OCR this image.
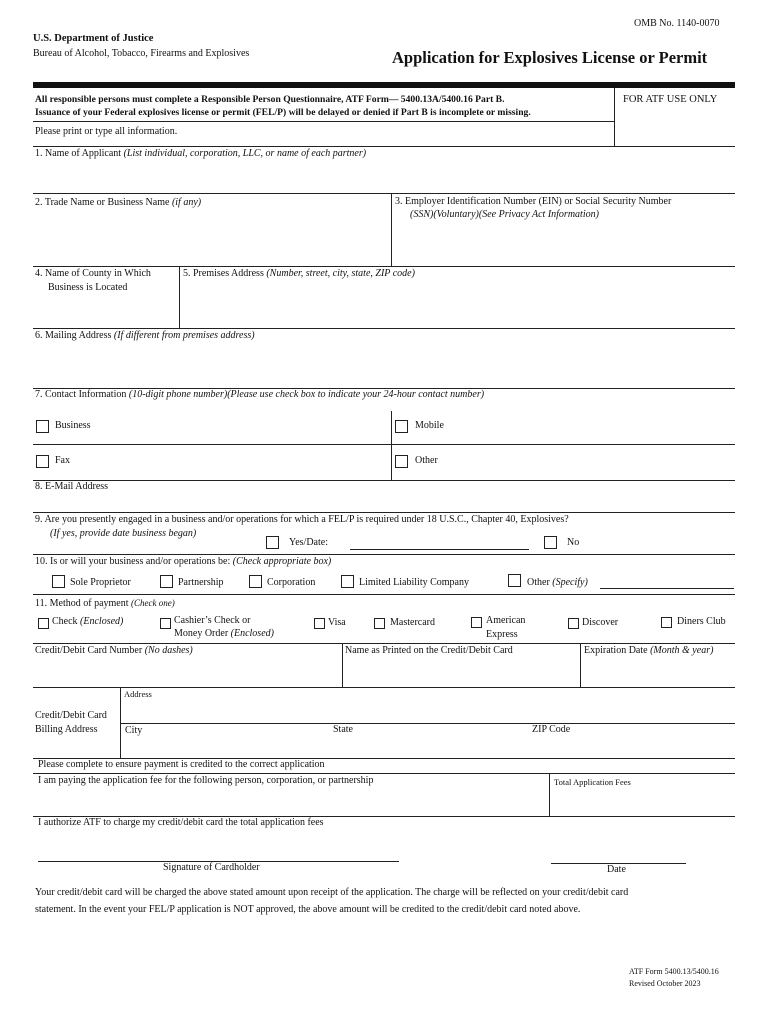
OMB No. 1140-0070
U.S. Department of Justice
Bureau of Alcohol, Tobacco, Firearms and Explosives	Application for Explosives License or Permit
All responsible persons must complete a Responsible Person Questionnaire, ATF Form— 5400.13A/5400.16 Part B.
Issuance of your Federal explosives license or permit (FEL/P) will be delayed or denied if Part B is incomplete or missing.
Please print or type all information.
FOR ATF USE ONLY
1. Name of Applicant (List individual, corporation, LLC, or name of each partner)
2. Trade Name or Business Name (if any)	3. Employer Identification Number (EIN) or Social Security Number
(SSN)(Voluntary)(See Privacy Act Information)
4. Name of County in Which
Business is Located
5. Premises Address (Number, street, city, state, ZIP code)
6. Mailing Address (If different from premises address)
7. Contact Information (10-digit phone number)(Please use check box to indicate your 24-hour contact number)
Business	Mobile
Fax	Other
8. E-Mail Address
9. Are you presently engaged in a business and/or operations for which a FEL/P is required under 18 U.S.C., Chapter 40, Explosives?
(If yes, provide date business began)
Yes/Date:	No
10. Is or will your business and/or operations be: (Check appropriate box)
Sole Proprietor	Partnership	Corporation	Limited Liability Company	Other (Specify)
11. Method of payment (Check one)
Check (Enclosed)	Cashier’s Check or
Money Order (Enclosed)
Visa	Mastercard	American
Express
Discover	Diners Club
Credit/Debit Card Number (No dashes)	Name as Printed on the Credit/Debit Card	Expiration Date (Month & year)
Address
Credit/Debit Card
Billing Address	City	State	ZIP Code
Please complete to ensure payment is credited to the correct application
I am paying the application fee for the following person, corporation, or partnership	Total Application Fees
I authorize ATF to charge my credit/debit card the total application fees
Signature of Cardholder	Date
Your credit/debit card will be charged the above stated amount upon receipt of the application. The charge will be reflected on your credit/debit card
statement. In the event your FEL/P application is NOT approved, the above amount will be credited to the credit/debit card noted above.
ATF Form 5400.13/5400.16
Revised October 2023
